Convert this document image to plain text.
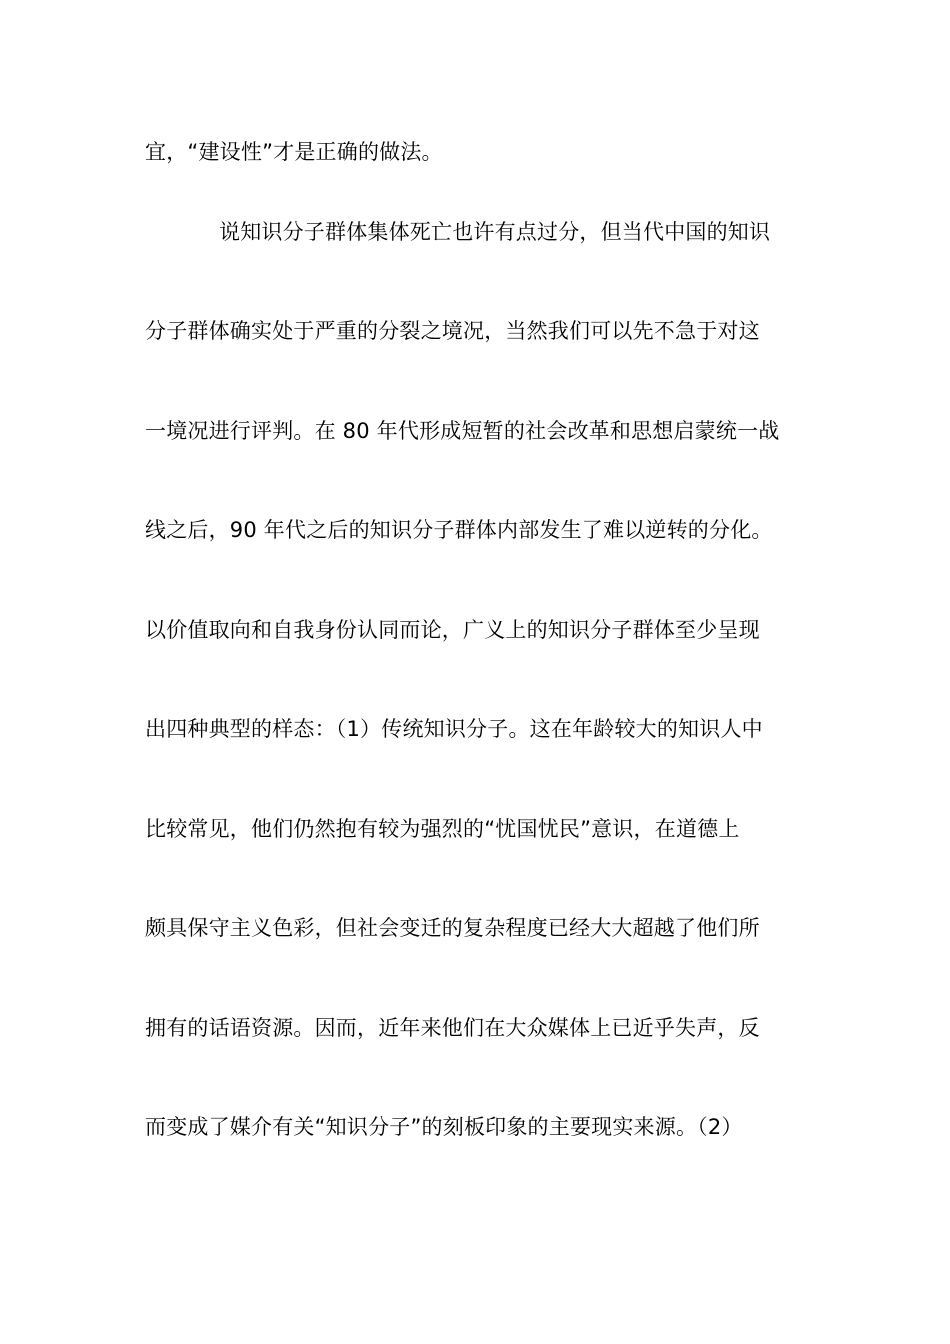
宜，“建设性”才是正确的做法。
说知识分子群体集体死亡也许有点过分，但当代中国的知识
分子群体确实处于严重的分裂之境况，当然我们可以先不急于对这
一境况进行评判。在 80 年代形成短暂的社会改革和思想启蒙统一战
线之后，90 年代之后的知识分子群体内部发生了难以逆转的分化。
以价值取向和自我身份认同而论，广义上的知识分子群体至少呈现
出四种典型的样态：（1）传统知识分子。这在年龄较大的知识人中
比较常见，他们仍然抱有较为强烈的“忧国忧民”意识，在道德上
颇具保守主义色彩，但社会变迁的复杂程度已经大大超越了他们所
拥有的话语资源。因而，近年来他们在大众媒体上已近乎失声，反
而变成了媒介有关“知识分子”的刻板印象的主要现实来源。（2）
